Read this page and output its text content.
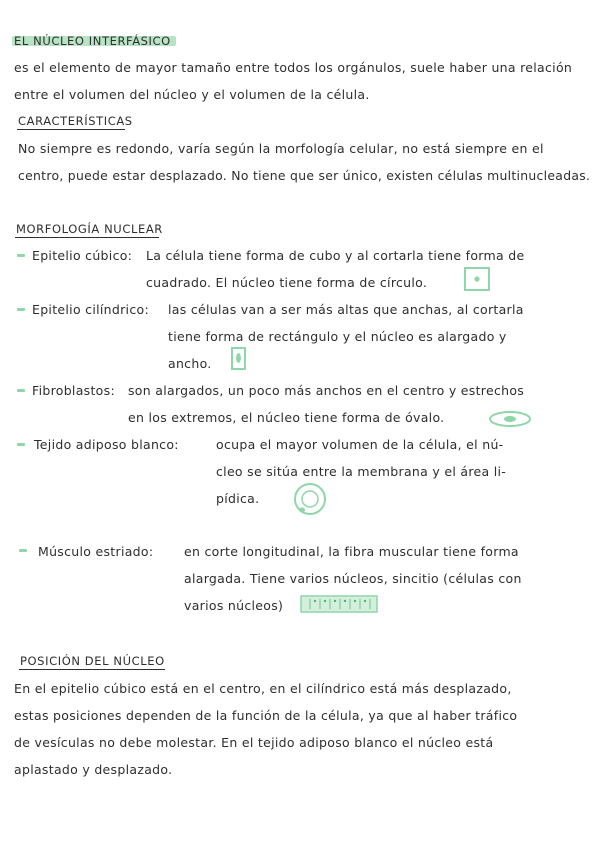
EL NÚCLEO INTERFÁSICO
es el elemento de mayor tamaño entre todos los orgánulos, suele haber una relación
entre el volumen del núcleo y el volumen de la célula.
CARACTERÍSTICAS
No siempre es redondo, varía según la morfología celular, no está siempre en el
centro, puede estar desplazado. No tiene que ser único, existen células multinucleadas.
MORFOLOGÍA NUCLEAR
Epitelio cúbico: La célula tiene forma de cubo y al cortarla tiene forma de
cuadrado. El núcleo tiene forma de círculo.
Epitelio cilíndrico: las células van a ser más altas que anchas, al cortarla
tiene forma de rectángulo y el núcleo es alargado y
ancho.
Fibroblastos: son alargados, un poco más anchos en el centro y estrechos
en los extremos, el núcleo tiene forma de óvalo.
Tejido adiposo blanco:	ocupa el mayor volumen de la célula, el nú-
cleo se sitúa entre la membrana y el área li-
pídica.
Músculo estriado: en corte longitudinal, la fibra muscular tiene forma
alargada. Tiene varios núcleos, sincitio (células con
varios núcleos)
POSICIÓN DEL NÚCLEO
En el epitelio cúbico está en el centro, en el cilíndrico está más desplazado,
estas posiciones dependen de la función de la célula, ya que al haber tráfico
de vesículas no debe molestar. En el tejido adiposo blanco el núcleo está
aplastado y desplazado.
